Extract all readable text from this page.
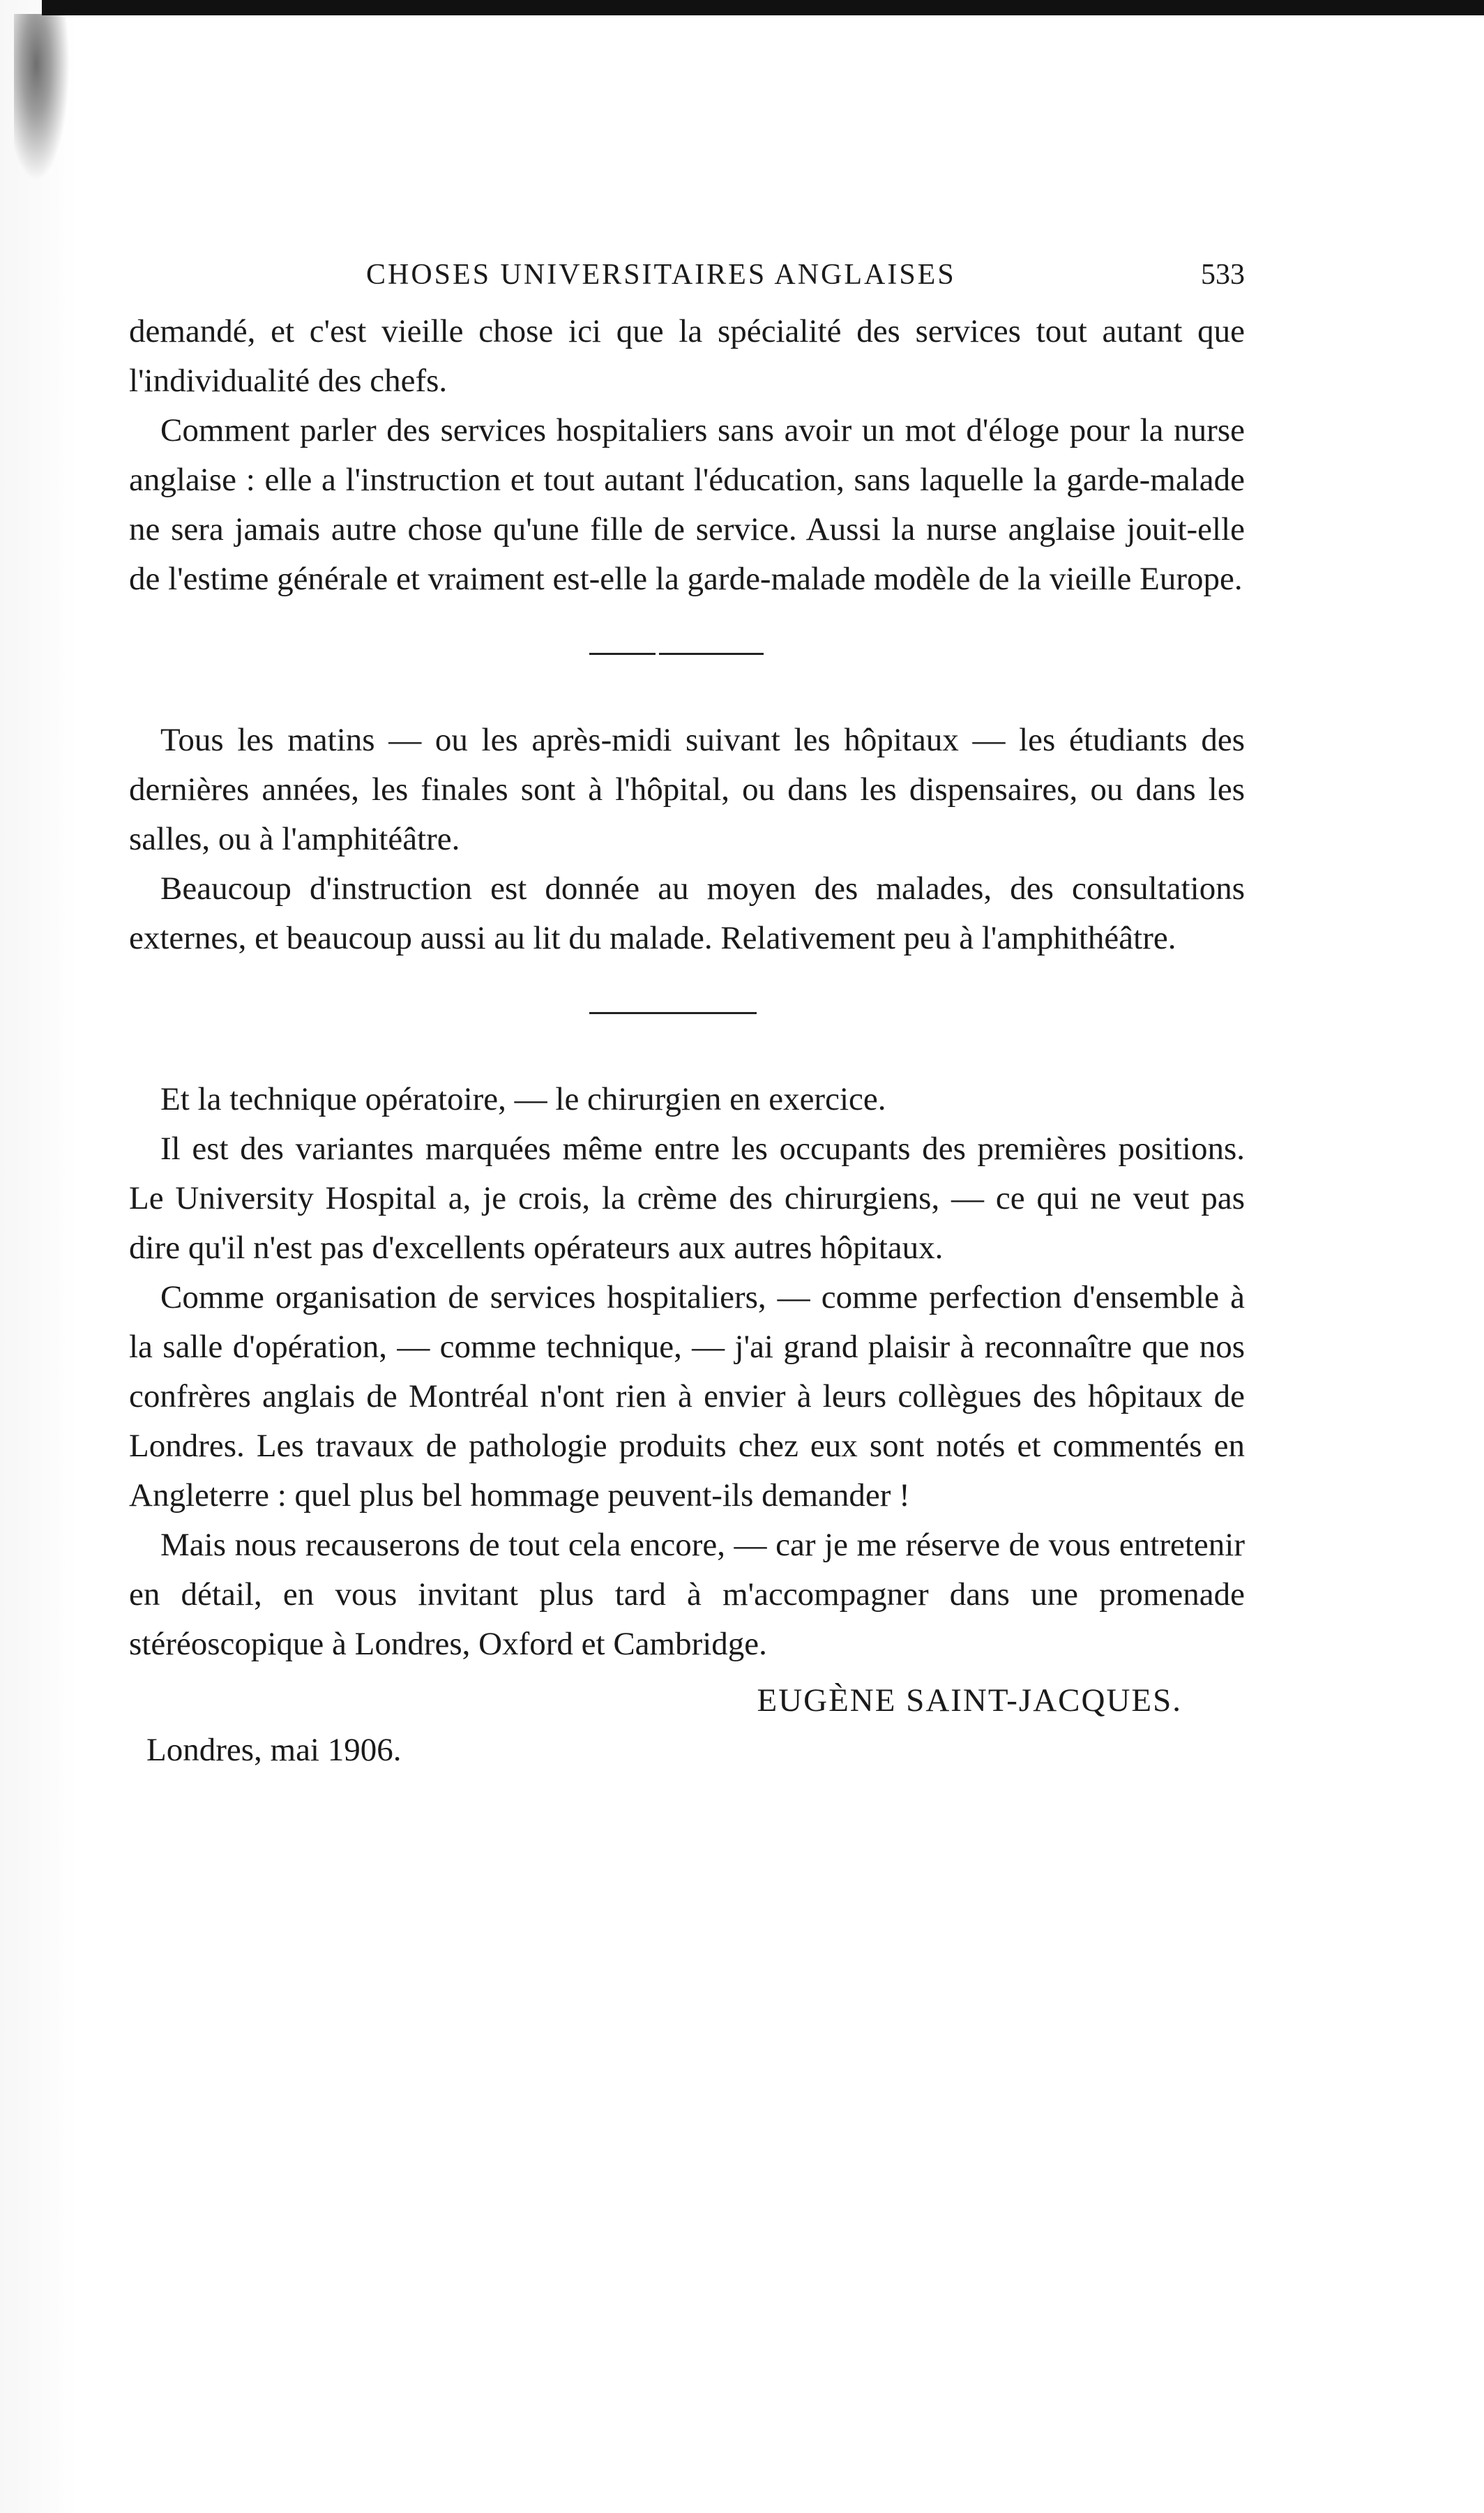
CHOSES UNIVERSITAIRES ANGLAISES	533

demandé, et c'est vieille chose ici que la spécialité des services tout autant que l'individualité des chefs.

Comment parler des services hospitaliers sans avoir un mot d'éloge pour la nurse anglaise : elle a l'instruction et tout autant l'éducation, sans laquelle la garde-malade ne sera jamais autre chose qu'une fille de service. Aussi la nurse anglaise jouit-elle de l'estime générale et vraiment est-elle la garde-malade modèle de la vieille Europe.

Tous les matins — ou les après-midi suivant les hôpitaux — les étudiants des dernières années, les finales sont à l'hôpital, ou dans les dispensaires, ou dans les salles, ou à l'amphitéâtre.

Beaucoup d'instruction est donnée au moyen des malades, des consultations externes, et beaucoup aussi au lit du malade. Relativement peu à l'amphithéâtre.

Et la technique opératoire, — le chirurgien en exercice.

Il est des variantes marquées même entre les occupants des premières positions. Le University Hospital a, je crois, la crème des chirurgiens, — ce qui ne veut pas dire qu'il n'est pas d'excellents opérateurs aux autres hôpitaux.

Comme organisation de services hospitaliers, — comme perfection d'ensemble à la salle d'opération, — comme technique, — j'ai grand plaisir à reconnaître que nos confrères anglais de Montréal n'ont rien à envier à leurs collègues des hôpitaux de Londres. Les travaux de pathologie produits chez eux sont notés et commentés en Angleterre : quel plus bel hommage peuvent-ils demander !

Mais nous recauserons de tout cela encore, — car je me réserve de vous entretenir en détail, en vous invitant plus tard à m'accompagner dans une promenade stéréoscopique à Londres, Oxford et Cambridge.

EUGÈNE SAINT-JACQUES.
Londres, mai 1906.
